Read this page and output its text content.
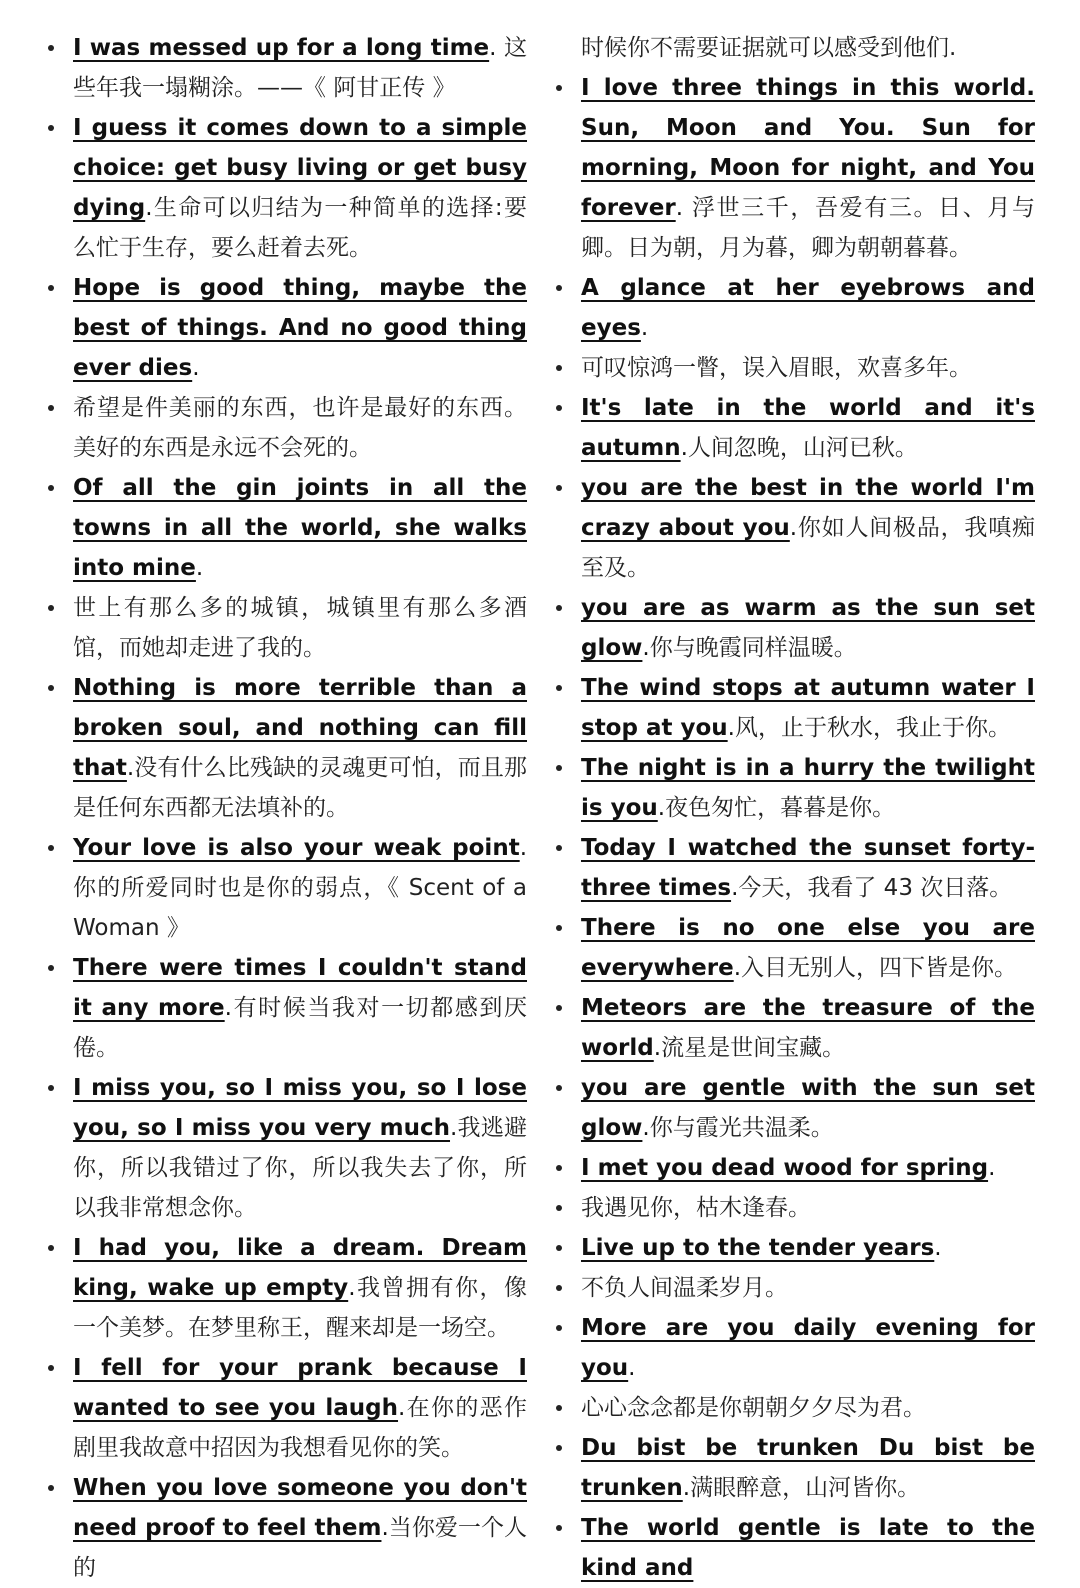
I was messed up for a long time. 这些年我一塌糊涂。——《 阿甘正传 》
I guess it comes down to a simple choice: get busy living or get busy dying.生命可以归结为一种简单的选择:要么忙于生存，要么赶着去死。
Hope is good thing, maybe the best of things. And no good thing ever dies.
希望是件美丽的东西，也许是最好的东西。美好的东西是永远不会死的。
Of all the gin joints in all the towns in all the world, she walks into mine.
世上有那么多的城镇，城镇里有那么多酒馆，而她却走进了我的。
Nothing is more terrible than a broken soul, and nothing can fill that.没有什么比残缺的灵魂更可怕，而且那是任何东西都无法填补的。
Your love is also your weak point. 你的所爱同时也是你的弱点，《 Scent of a Woman 》
There were times I couldn't stand it any more.有时候当我对一切都感到厌倦。
I miss you, so I miss you, so I lose you, so I miss you very much.我逃避你，所以我错过了你，所以我失去了你，所以我非常想念你。
I had you, like a dream. Dream king, wake up empty.我曾拥有你，像一个美梦。在梦里称王，醒来却是一场空。
I fell for your prank because I wanted to see you laugh.在你的恶作剧里我故意中招因为我想看见你的笑。
When you love someone you don't need proof to feel them.当你爱一个人的
时候你不需要证据就可以感受到他们.
I love three things in this world. Sun, Moon and You. Sun for morning, Moon for night, and You forever. 浮世三千，吾爱有三。日、月与卿。日为朝，月为暮，卿为朝朝暮暮。
A glance at her eyebrows and eyes.
可叹惊鸿一瞥，误入眉眼，欢喜多年。
It's late in the world and it's autumn.人间忽晚，山河已秋。
you are the best in the world I'm crazy about you.你如人间极品，我嗔痴至及。
you are as warm as the sun set glow.你与晚霞同样温暖。
The wind stops at autumn water I stop at you.风，止于秋水，我止于你。
The night is in a hurry the twilight is you.夜色匆忙，暮暮是你。
Today I watched the sunset forty-three times.今天，我看了 43 次日落。
There is no one else you are everywhere.入目无别人，四下皆是你。
Meteors are the treasure of the world.流星是世间宝藏。
you are gentle with the sun set glow.你与霞光共温柔。
I met you dead wood for spring.
我遇见你，枯木逢春。
Live up to the tender years.
不负人间温柔岁月。
More are you daily evening for you.
心心念念都是你朝朝夕夕尽为君。
Du bist be trunken Du bist be trunken.满眼醉意，山河皆你。
The world gentle is late to the kind and
